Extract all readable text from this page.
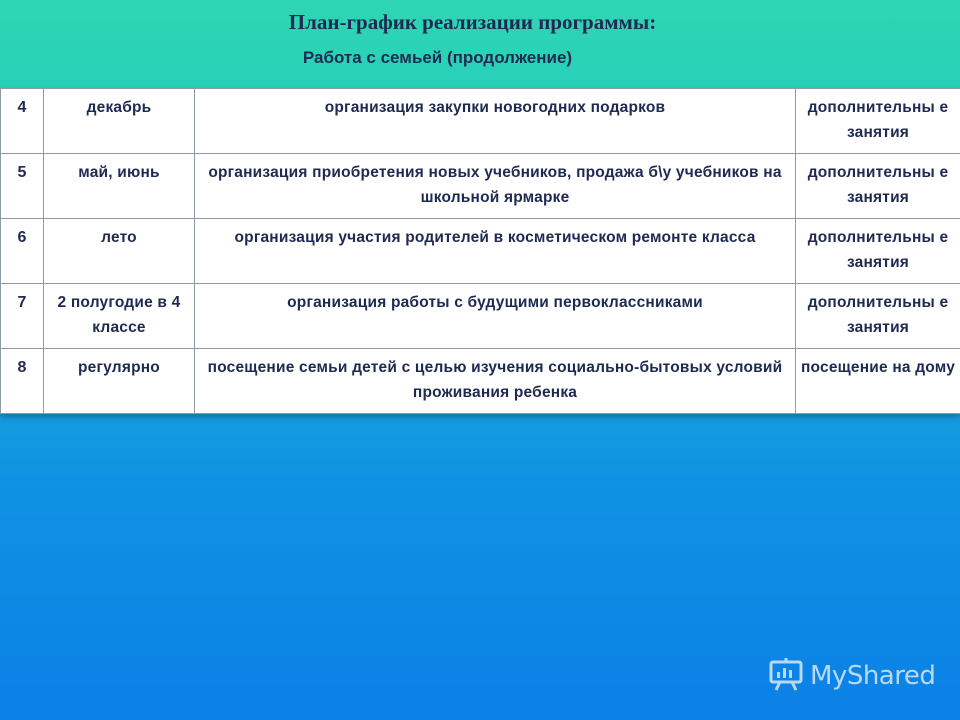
План-график реализации программы:
Работа с семьей (продолжение)
4	декабрь	организация закупки новогодних подарков	дополнительны е занятия
5	май, июнь	организация приобретения новых учебников, продажа б\у учебников на школьной ярмарке	дополнительны е занятия
6	лето	организация участия родителей в косметическом ремонте класса	дополнительны е занятия
7	2 полугодие в 4 классе	организация работы с будущими первоклассниками	дополнительны е занятия
8	регулярно	посещение семьи детей с целью изучения социально-бытовых условий проживания ребенка	посещение на дому
MyShared
